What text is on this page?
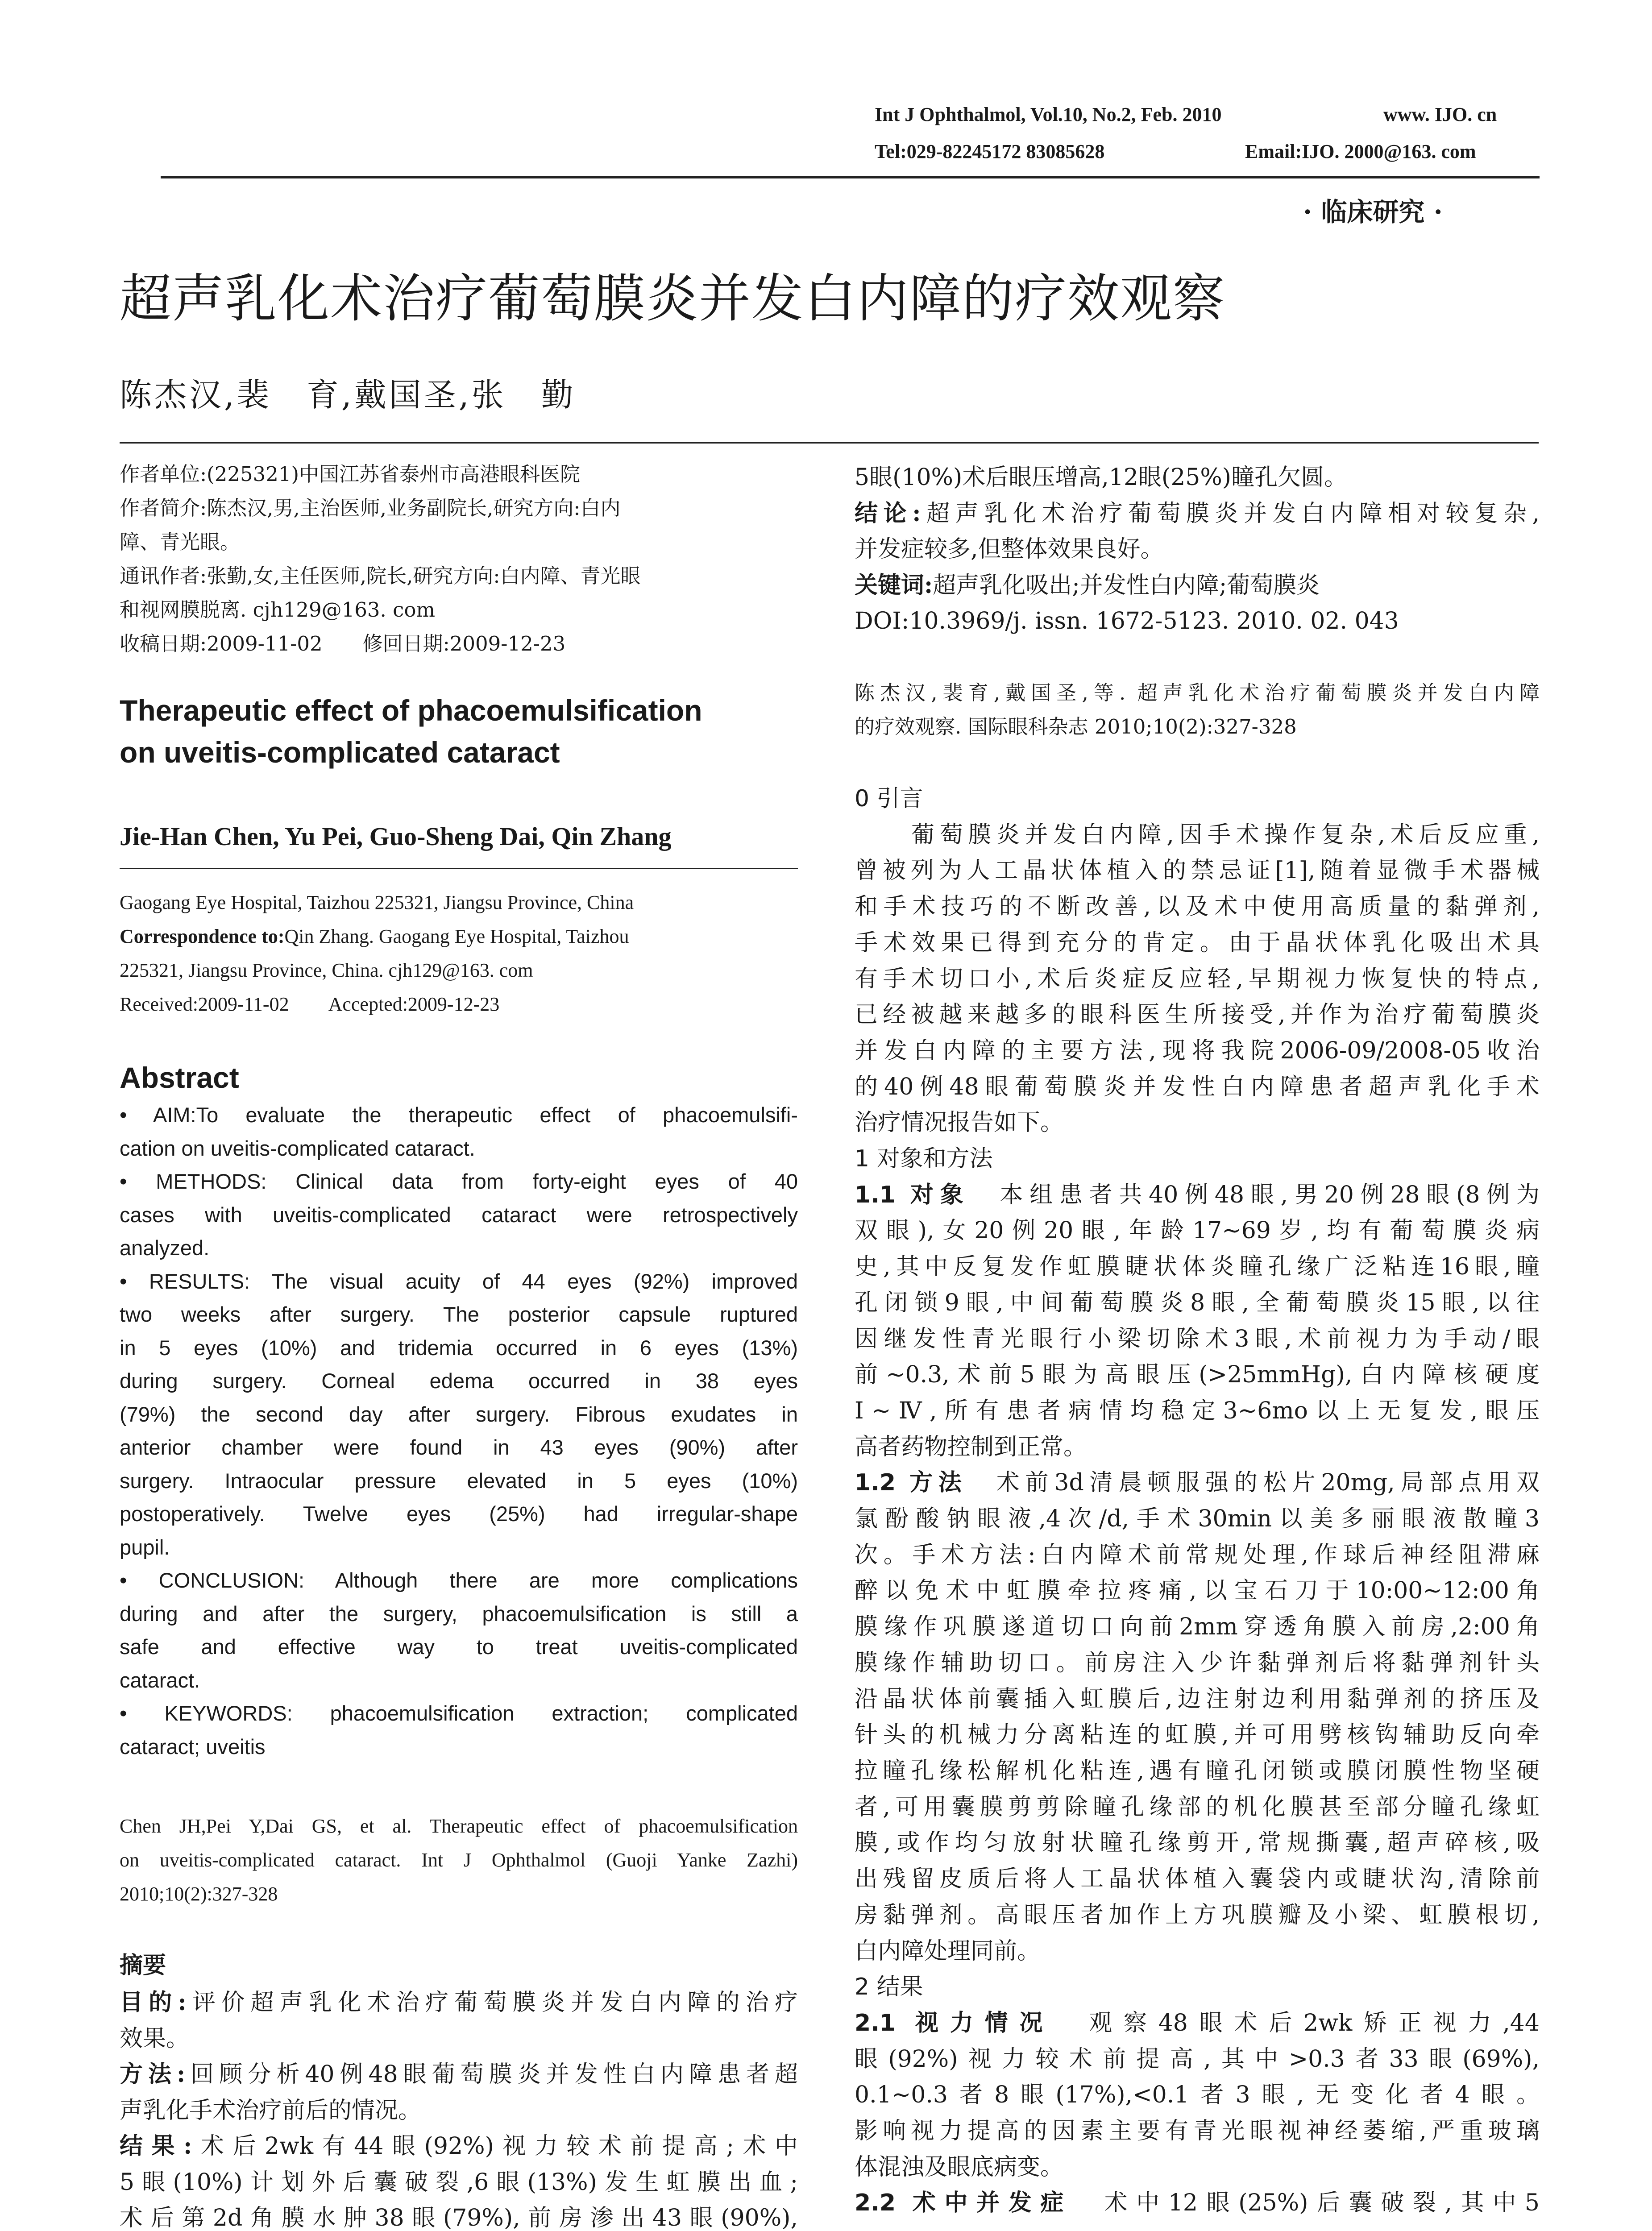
Int J Ophthalmol, Vol.10, No.2, Feb. 2010	www. IJO. cn
Tel:029-82245172 83085628	Email:IJO. 2000@163. com
· 临床研究 ·
超声乳化术治疗葡萄膜炎并发白内障的疗效观察
陈杰汉,裴　育,戴国圣,张　勤
作者单位:(225321)中国江苏省泰州市高港眼科医院
作者简介:陈杰汉,男,主治医师,业务副院长,研究方向:白内
障、青光眼。
通讯作者:张勤,女,主任医师,院长,研究方向:白内障、青光眼
和视网膜脱离. cjh129@163. com
收稿日期:2009-11-02　　修回日期:2009-12-23
Therapeutic effect of phacoemulsification
on uveitis-complicated cataract
Jie-Han Chen, Yu Pei, Guo-Sheng Dai, Qin Zhang
Gaogang Eye Hospital, Taizhou 225321, Jiangsu Province, China
Correspondence to:Qin Zhang. Gaogang Eye Hospital, Taizhou
225321, Jiangsu Province, China. cjh129@163. com
Received:2009-11-02　　Accepted:2009-12-23
Abstract
• AIM:To evaluate the therapeutic effect of phacoemulsifi-
cation on uveitis-complicated cataract.
• METHODS: Clinical data from forty-eight eyes of 40
cases with uveitis-complicated cataract were retrospectively
analyzed.
• RESULTS: The visual acuity of 44 eyes (92%) improved
two weeks after surgery. The posterior capsule ruptured
in 5 eyes (10%) and tridemia occurred in 6 eyes (13%)
during surgery. Corneal edema occurred in 38 eyes
(79%) the second day after surgery. Fibrous exudates in
anterior chamber were found in 43 eyes (90%) after
surgery. Intraocular pressure elevated in 5 eyes (10%)
postoperatively. Twelve eyes (25%) had irregular-shape
pupil.
• CONCLUSION: Although there are more complications
during and after the surgery, phacoemulsification is still a
safe and effective way to treat uveitis-complicated
cataract.
• KEYWORDS: phacoemulsification extraction; complicated
cataract; uveitis
Chen JH,Pei Y,Dai GS, et al. Therapeutic effect of phacoemulsification
on uveitis-complicated cataract. Int J Ophthalmol (Guoji Yanke Zazhi)
2010;10(2):327-328
摘要
目的:评价超声乳化术治疗葡萄膜炎并发白内障的治疗
效果。
方法:回顾分析40例48眼葡萄膜炎并发性白内障患者超
声乳化手术治疗前后的情况。
结果:术后2wk有44眼(92%)视力较术前提高;术中
5眼(10%)计划外后囊破裂,6眼(13%)发生虹膜出血;
术后第2d角膜水肿38眼(79%),前房渗出43眼(90%),
5眼(10%)术后眼压增高,12眼(25%)瞳孔欠圆。
结论:超声乳化术治疗葡萄膜炎并发白内障相对较复杂,
并发症较多,但整体效果良好。
关键词:超声乳化吸出;并发性白内障;葡萄膜炎
DOI:10.3969/j. issn. 1672-5123. 2010. 02. 043
陈杰汉,裴育,戴国圣,等. 超声乳化术治疗葡萄膜炎并发白内障
的疗效观察. 国际眼科杂志 2010;10(2):327-328
0 引言
　　葡萄膜炎并发白内障,因手术操作复杂,术后反应重,
曾被列为人工晶状体植入的禁忌证[1],随着显微手术器械
和手术技巧的不断改善,以及术中使用高质量的黏弹剂,
手术效果已得到充分的肯定。由于晶状体乳化吸出术具
有手术切口小,术后炎症反应轻,早期视力恢复快的特点,
已经被越来越多的眼科医生所接受,并作为治疗葡萄膜炎
并发白内障的主要方法,现将我院2006-09/2008-05收治
的40例48眼葡萄膜炎并发性白内障患者超声乳化手术
治疗情况报告如下。
1 对象和方法
1.1 对象　本组患者共40例48眼,男20例28眼(8例为
双眼),女20例20眼,年龄17~69岁,均有葡萄膜炎病
史,其中反复发作虹膜睫状体炎瞳孔缘广泛粘连16眼,瞳
孔闭锁9眼,中间葡萄膜炎8眼,全葡萄膜炎15眼,以往
因继发性青光眼行小梁切除术3眼,术前视力为手动/眼
前~0.3,术前5眼为高眼压(>25mmHg),白内障核硬度
Ⅰ~Ⅳ,所有患者病情均稳定3~6mo以上无复发,眼压
高者药物控制到正常。
1.2 方法　术前3d清晨顿服强的松片20mg,局部点用双
氯酚酸钠眼液,4次/d,手术30min以美多丽眼液散瞳3
次。手术方法:白内障术前常规处理,作球后神经阻滞麻
醉以免术中虹膜牵拉疼痛,以宝石刀于10:00~12:00角
膜缘作巩膜遂道切口向前2mm穿透角膜入前房,2:00角
膜缘作辅助切口。前房注入少许黏弹剂后将黏弹剂针头
沿晶状体前囊插入虹膜后,边注射边利用黏弹剂的挤压及
针头的机械力分离粘连的虹膜,并可用劈核钩辅助反向牵
拉瞳孔缘松解机化粘连,遇有瞳孔闭锁或膜闭膜性物坚硬
者,可用囊膜剪剪除瞳孔缘部的机化膜甚至部分瞳孔缘虹
膜,或作均匀放射状瞳孔缘剪开,常规撕囊,超声碎核,吸
出残留皮质后将人工晶状体植入囊袋内或睫状沟,清除前
房黏弹剂。高眼压者加作上方巩膜瓣及小梁、虹膜根切,
白内障处理同前。
2 结果
2.1 视力情况　观察48眼术后2wk矫正视力,44
眼(92%)视力较术前提高,其中>0.3者33眼(69%),
0.1~0.3者8眼(17%),<0.1者3眼,无变化者4眼。
影响视力提高的因素主要有青光眼视神经萎缩,严重玻璃
体混浊及眼底病变。
2.2 术中并发症　术中12眼(25%)后囊破裂,其中5
